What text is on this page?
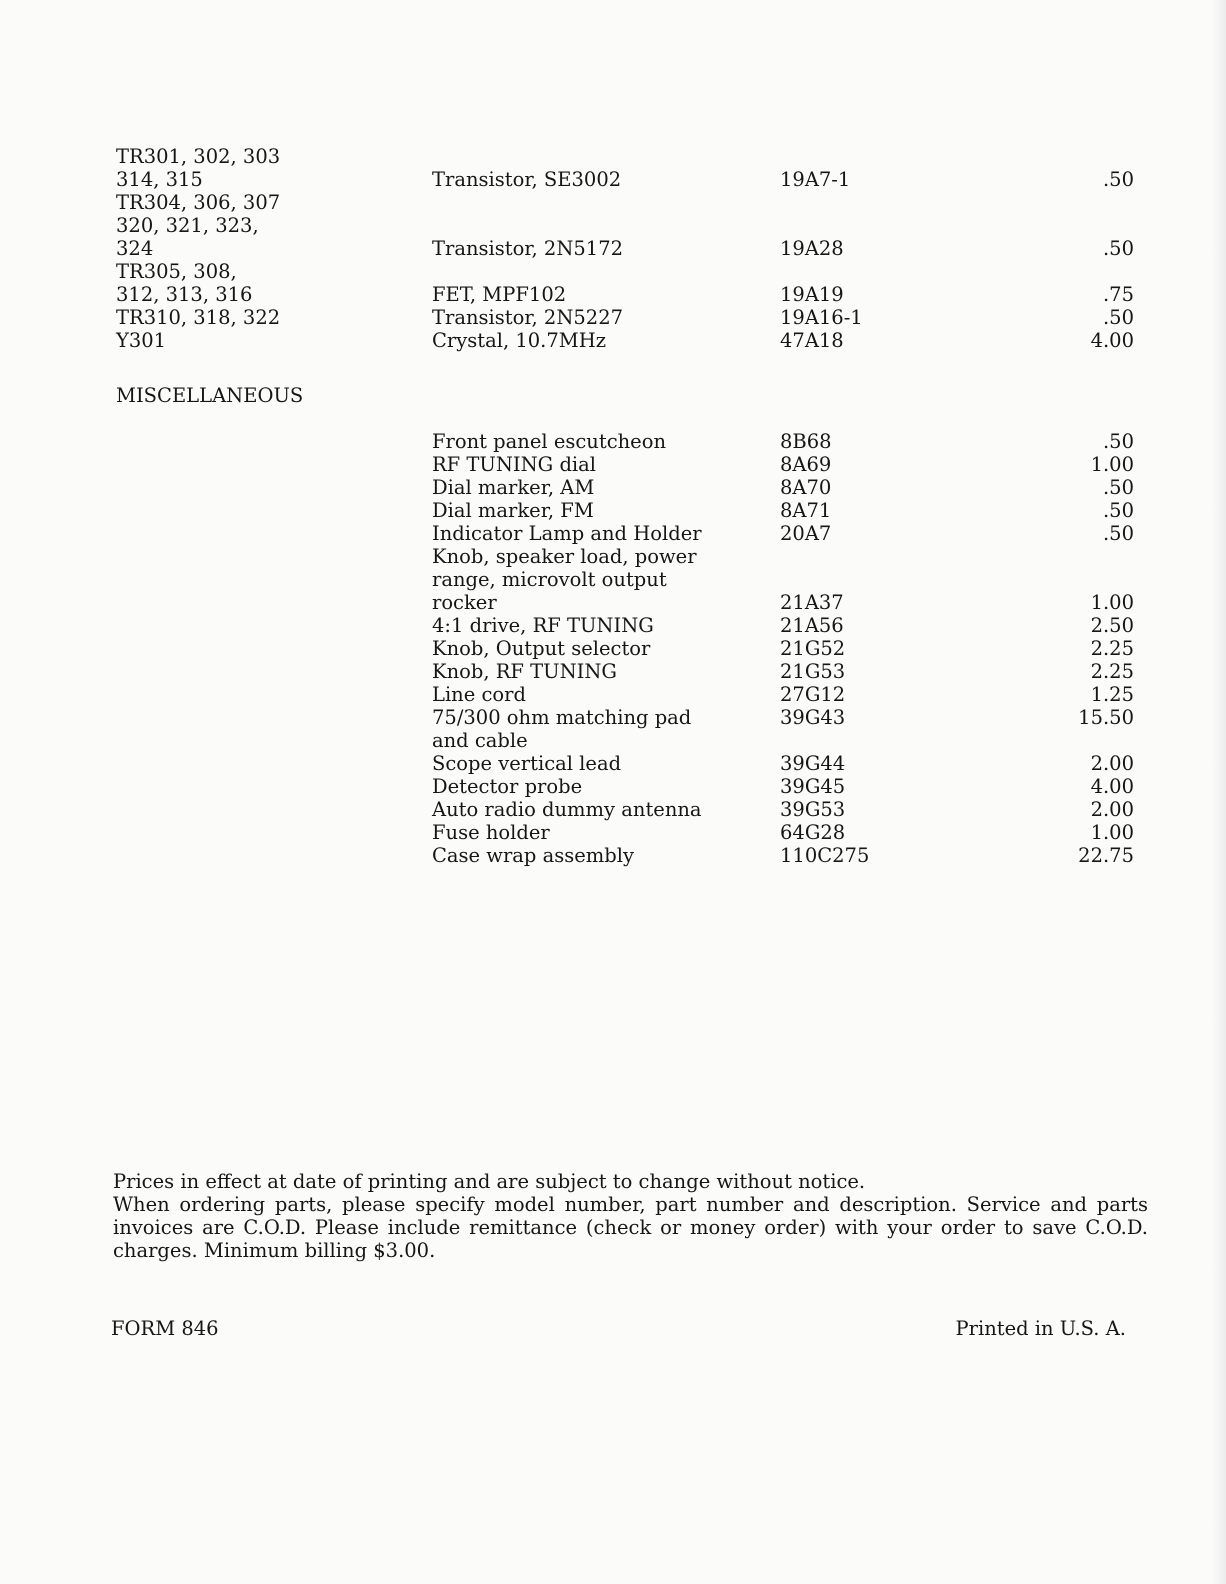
TR301, 302, 303
314, 315	Transistor, SE3002	19A7-1	.50
TR304, 306, 307
320, 321, 323,
324	Transistor, 2N5172	19A28	.50
TR305, 308,
312, 313, 316	FET, MPF102	19A19	.75
TR310, 318, 322	Transistor, 2N5227	19A16-1	.50
Y301	Crystal, 10.7MHz	47A18	4.00
MISCELLANEOUS
Front panel escutcheon	8B68	.50
RF TUNING dial	8A69	1.00
Dial marker, AM	8A70	.50
Dial marker, FM	8A71	.50
Indicator Lamp and Holder	20A7	.50
Knob, speaker load, power
range, microvolt output
rocker	21A37	1.00
4:1 drive, RF TUNING	21A56	2.50
Knob, Output selector	21G52	2.25
Knob, RF TUNING	21G53	2.25
Line cord	27G12	1.25
75/300 ohm matching pad	39G43	15.50
and cable
Scope vertical lead	39G44	2.00
Detector probe	39G45	4.00
Auto radio dummy antenna	39G53	2.00
Fuse holder	64G28	1.00
Case wrap assembly	110C275	22.75

Prices in effect at date of printing and are subject to change without notice.

When ordering parts, please specify model number, part number and description. Service and parts invoices are C.O.D. Please include remittance (check or money order) with your order to save C.O.D. charges. Minimum billing $3.00.

FORM 846	Printed in U.S. A.
